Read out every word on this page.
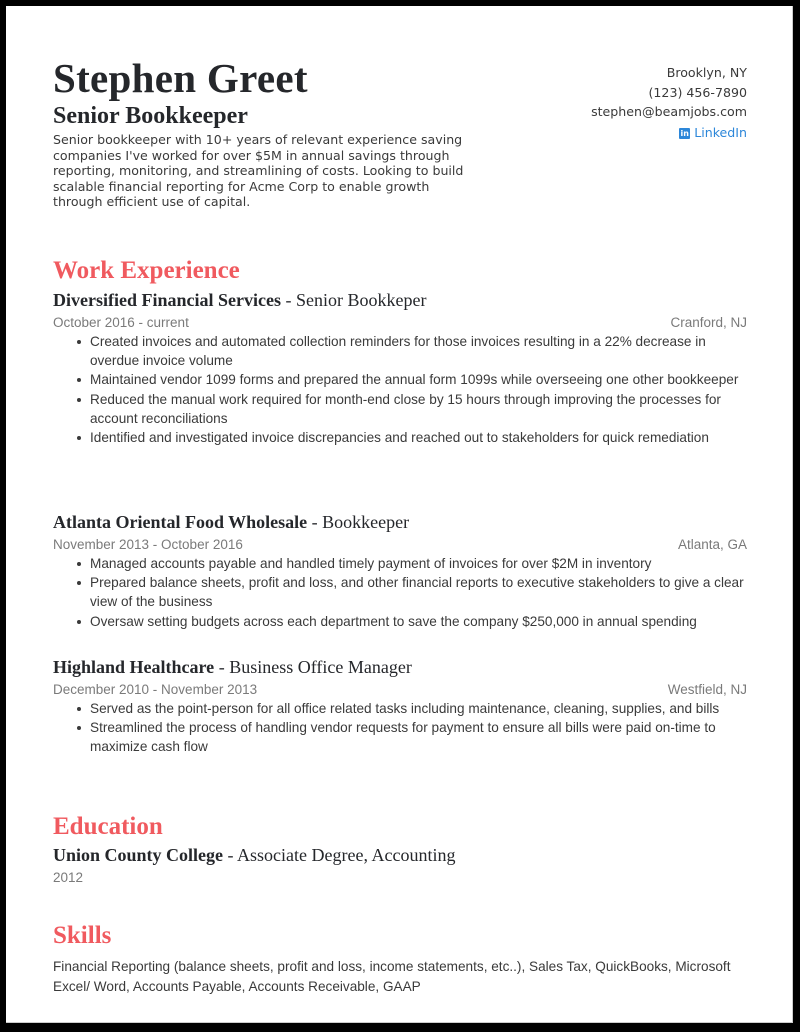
Stephen Greet
Senior Bookkeeper
Senior bookkeeper with 10+ years of relevant experience saving companies I've worked for over $5M in annual savings through reporting, monitoring, and streamlining of costs. Looking to build scalable financial reporting for Acme Corp to enable growth through efficient use of capital.
Brooklyn, NY
(123) 456-7890
stephen@beamjobs.com
in LinkedIn
Work Experience
Diversified Financial Services - Senior Bookkeper
October 2016 - current	Cranford, NJ
Created invoices and automated collection reminders for those invoices resulting in a 22% decrease in overdue invoice volume
Maintained vendor 1099 forms and prepared the annual form 1099s while overseeing one other bookkeeper
Reduced the manual work required for month-end close by 15 hours through improving the processes for account reconciliations
Identified and investigated invoice discrepancies and reached out to stakeholders for quick remediation
Atlanta Oriental Food Wholesale - Bookkeeper
November 2013 - October 2016	Atlanta, GA
Managed accounts payable and handled timely payment of invoices for over $2M in inventory
Prepared balance sheets, profit and loss, and other financial reports to executive stakeholders to give a clear view of the business
Oversaw setting budgets across each department to save the company $250,000 in annual spending
Highland Healthcare - Business Office Manager
December 2010 - November 2013	Westfield, NJ
Served as the point-person for all office related tasks including maintenance, cleaning, supplies, and bills
Streamlined the process of handling vendor requests for payment to ensure all bills were paid on-time to maximize cash flow
Education
Union County College - Associate Degree, Accounting
2012
Skills
Financial Reporting (balance sheets, profit and loss, income statements, etc..), Sales Tax, QuickBooks, Microsoft Excel/ Word, Accounts Payable, Accounts Receivable, GAAP
